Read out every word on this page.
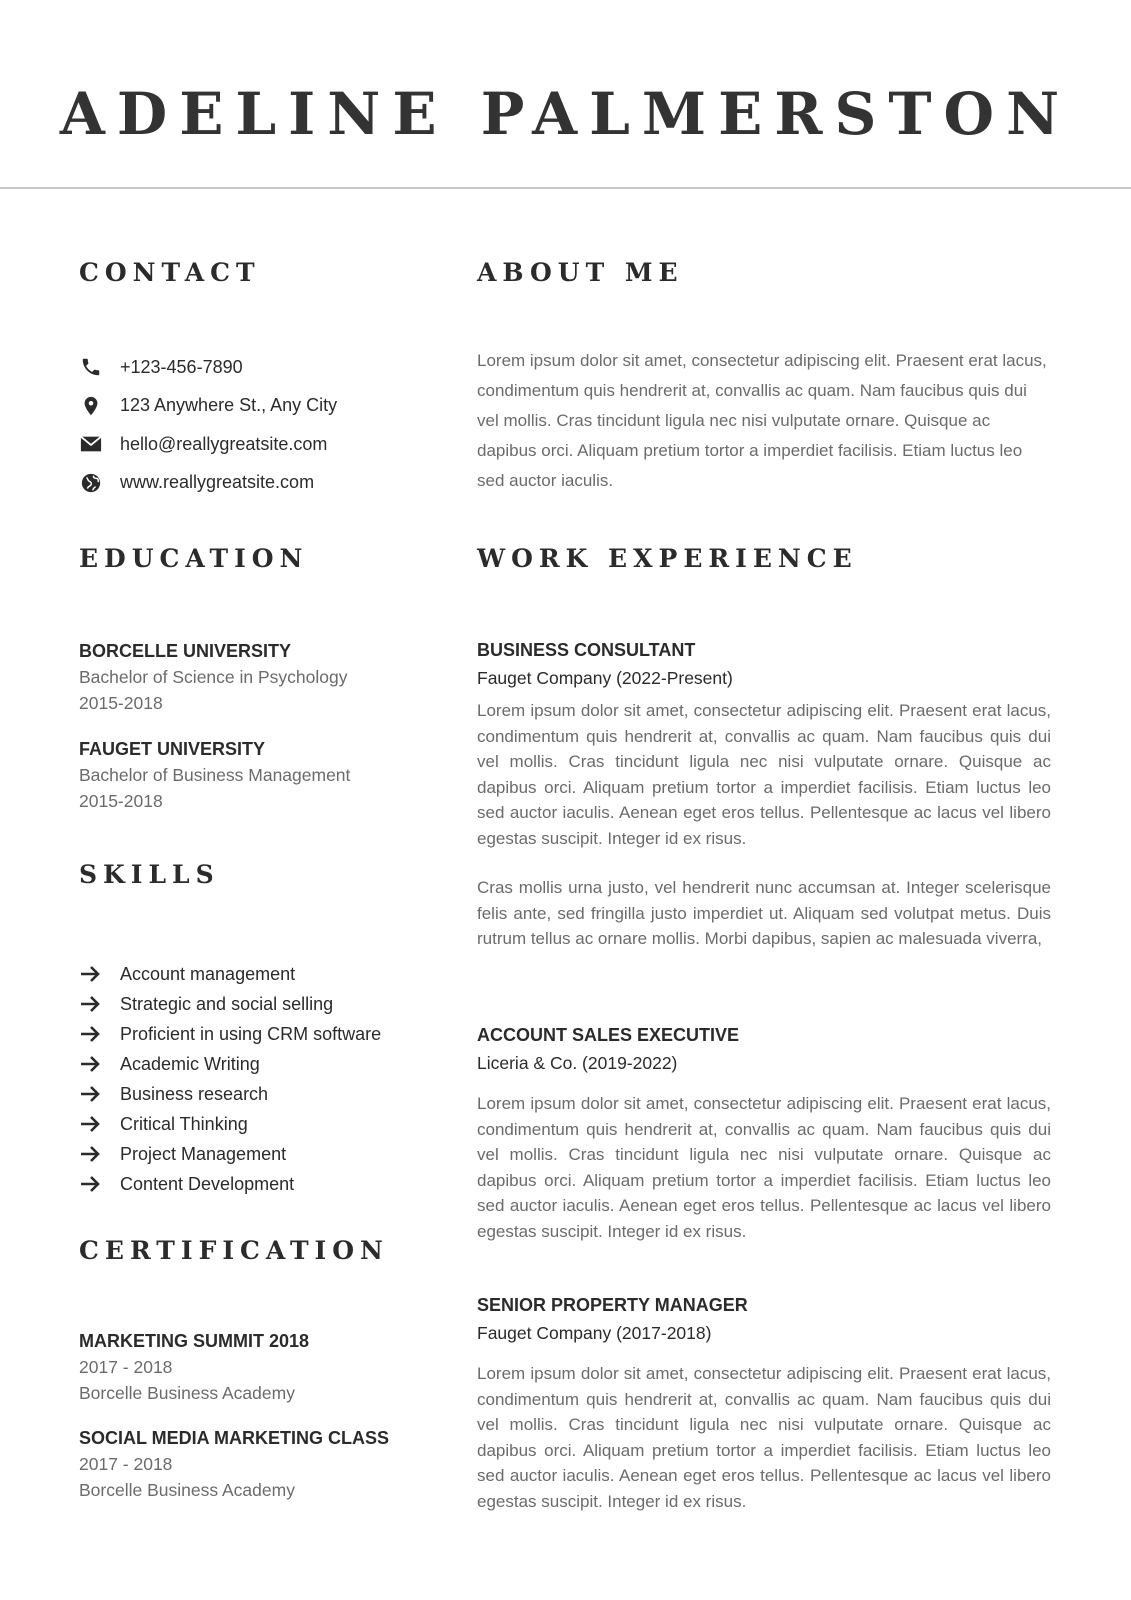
ADELINE PALMERSTON
CONTACT
+123-456-7890
123 Anywhere St., Any City
hello@reallygreatsite.com
www.reallygreatsite.com
EDUCATION

BORCELLE UNIVERSITY

Bachelor of Science in Psychology

2015-2018

FAUGET UNIVERSITY

Bachelor of Business Management

2015-2018

SKILLS
Account management
Strategic and social selling
Proficient in using CRM software
Academic Writing
Business research
Critical Thinking
Project Management
Content Development
CERTIFICATION

MARKETING SUMMIT 2018

2017 - 2018

Borcelle Business Academy

SOCIAL MEDIA MARKETING CLASS

2017 - 2018

Borcelle Business Academy

ABOUT ME

Lorem ipsum dolor sit amet, consectetur adipiscing elit. Praesent erat lacus, condimentum quis hendrerit at, convallis ac quam. Nam faucibus quis dui vel mollis. Cras tincidunt ligula nec nisi vulputate ornare. Quisque ac dapibus orci. Aliquam pretium tortor a imperdiet facilisis. Etiam luctus leo sed auctor iaculis.

WORK EXPERIENCE

BUSINESS CONSULTANT

Fauget Company (2022-Present)

Lorem ipsum dolor sit amet, consectetur adipiscing elit. Praesent erat lacus, condimentum quis hendrerit at, convallis ac quam. Nam faucibus quis dui vel mollis. Cras tincidunt ligula nec nisi vulputate ornare. Quisque ac dapibus orci. Aliquam pretium tortor a imperdiet facilisis. Etiam luctus leo sed auctor iaculis. Aenean eget eros tellus. Pellentesque ac lacus vel libero egestas suscipit. Integer id ex risus.

Cras mollis urna justo, vel hendrerit nunc accumsan at. Integer scelerisque felis ante, sed fringilla justo imperdiet ut. Aliquam sed volutpat metus. Duis rutrum tellus ac ornare mollis. Morbi dapibus, sapien ac malesuada viverra,

ACCOUNT SALES EXECUTIVE

Liceria & Co. (2019-2022)

Lorem ipsum dolor sit amet, consectetur adipiscing elit. Praesent erat lacus, condimentum quis hendrerit at, convallis ac quam. Nam faucibus quis dui vel mollis. Cras tincidunt ligula nec nisi vulputate ornare. Quisque ac dapibus orci. Aliquam pretium tortor a imperdiet facilisis. Etiam luctus leo sed auctor iaculis. Aenean eget eros tellus. Pellentesque ac lacus vel libero egestas suscipit. Integer id ex risus.

SENIOR PROPERTY MANAGER

Fauget Company (2017-2018)

Lorem ipsum dolor sit amet, consectetur adipiscing elit. Praesent erat lacus, condimentum quis hendrerit at, convallis ac quam. Nam faucibus quis dui vel mollis. Cras tincidunt ligula nec nisi vulputate ornare. Quisque ac dapibus orci. Aliquam pretium tortor a imperdiet facilisis. Etiam luctus leo sed auctor iaculis. Aenean eget eros tellus. Pellentesque ac lacus vel libero egestas suscipit. Integer id ex risus.
